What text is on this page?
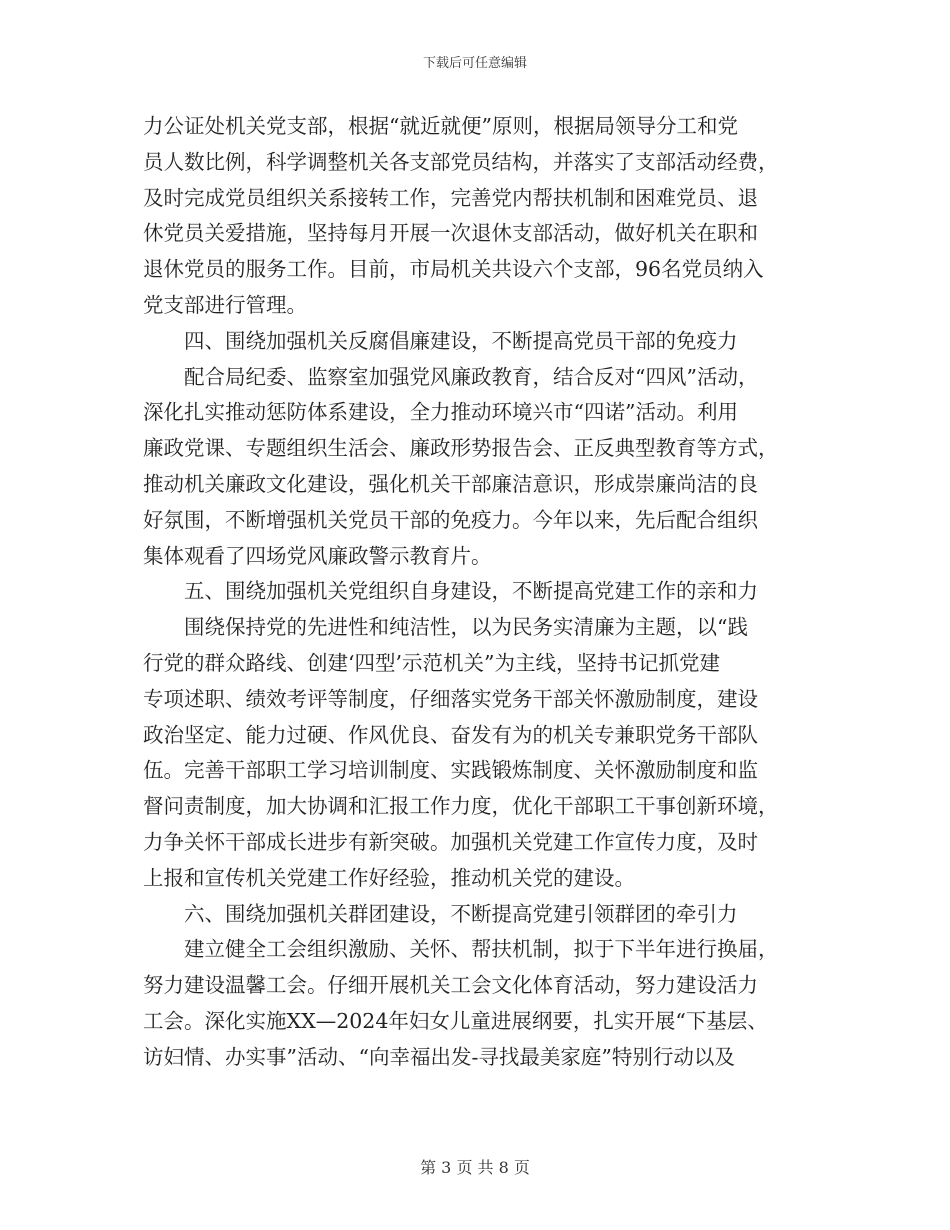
下载后可任意编辑
力公证处机关党支部，根据“就近就便”原则，根据局领导分工和党
员人数比例，科学调整机关各支部党员结构，并落实了支部活动经费，
及时完成党员组织关系接转工作，完善党内帮扶机制和困难党员、退
休党员关爱措施，坚持每月开展一次退休支部活动，做好机关在职和
退休党员的服务工作。目前，市局机关共设六个支部，96名党员纳入
党支部进行管理。
四、围绕加强机关反腐倡廉建设，不断提高党员干部的免疫力
配合局纪委、监察室加强党风廉政教育，结合反对“四风”活动，
深化扎实推动惩防体系建设，全力推动环境兴市“四诺”活动。利用
廉政党课、专题组织生活会、廉政形势报告会、正反典型教育等方式，
推动机关廉政文化建设，强化机关干部廉洁意识，形成崇廉尚洁的良
好氛围，不断增强机关党员干部的免疫力。今年以来，先后配合组织
集体观看了四场党风廉政警示教育片。
五、围绕加强机关党组织自身建设，不断提高党建工作的亲和力
围绕保持党的先进性和纯洁性，以为民务实清廉为主题，以“践
行党的群众路线、创建‘四型’示范机关”为主线，坚持书记抓党建
专项述职、绩效考评等制度，仔细落实党务干部关怀激励制度，建设
政治坚定、能力过硬、作风优良、奋发有为的机关专兼职党务干部队
伍。完善干部职工学习培训制度、实践锻炼制度、关怀激励制度和监
督问责制度，加大协调和汇报工作力度，优化干部职工干事创新环境，
力争关怀干部成长进步有新突破。加强机关党建工作宣传力度，及时
上报和宣传机关党建工作好经验，推动机关党的建设。
六、围绕加强机关群团建设，不断提高党建引领群团的牵引力
建立健全工会组织激励、关怀、帮扶机制，拟于下半年进行换届，
努力建设温馨工会。仔细开展机关工会文化体育活动，努力建设活力
工会。深化实施XX—2024年妇女儿童进展纲要，扎实开展“下基层、
访妇情、办实事”活动、“向幸福出发-寻找最美家庭”特别行动以及
第 3 页 共 8 页
